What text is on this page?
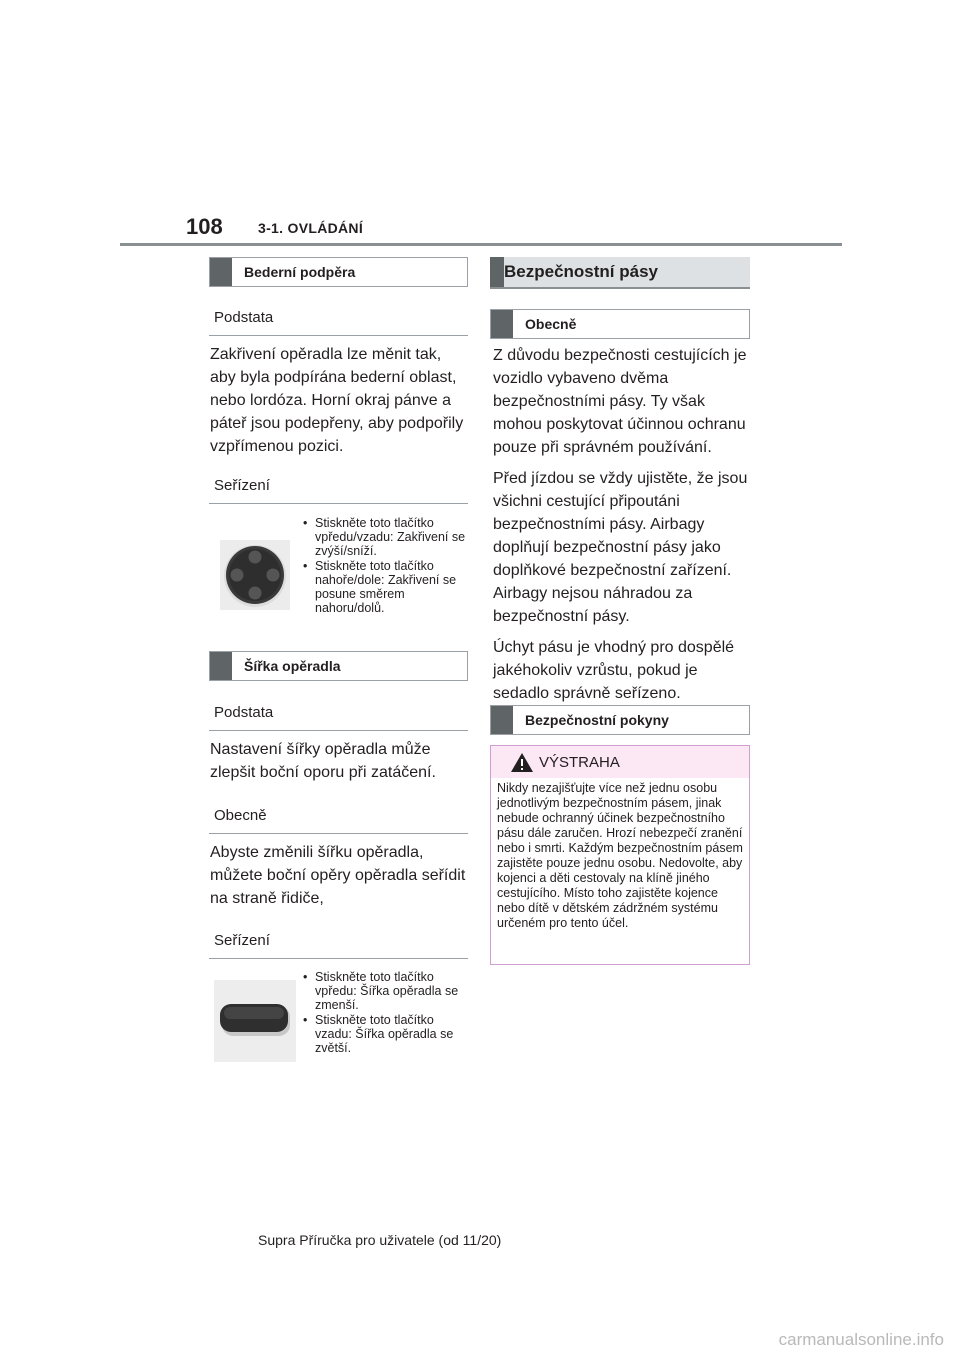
108	3-1. OVLÁDÁNÍ
Bederní podpěra
Podstata

Zakřivení opěradla lze měnit tak, aby byla podpírána bederní oblast, nebo lordóza. Horní okraj pánve a páteř jsou podepřeny, aby podpořily vzpřímenou pozici.

Seřízení
• Stiskněte toto tlačítko vpředu/vzadu: Zakřivení se zvýší/sníží.
• Stiskněte toto tlačítko nahoře/dole: Zakřivení se posune směrem nahoru/dolů.
Šířka opěradla
Podstata

Nastavení šířky opěradla může zlepšit boční oporu při zatáčení.

Obecně

Abyste změnili šířku opěradla, můžete boční opěry opěradla seřídit na straně řidiče,

Seřízení
• Stiskněte toto tlačítko vpředu: Šířka opěradla se zmenší.
• Stiskněte toto tlačítko vzadu: Šířka opěradla se zvětší.
Bezpečnostní pásy
Obecně

Z důvodu bezpečnosti cestujících je vozidlo vybaveno dvěma bezpečnostními pásy. Ty však mohou poskytovat účinnou ochranu pouze při správném používání.

Před jízdou se vždy ujistěte, že jsou všichni cestující připoutáni bezpečnostními pásy. Airbagy doplňují bezpečnostní pásy jako doplňkové bezpečnostní zařízení. Airbagy nejsou náhradou za bezpečnostní pásy.

Úchyt pásu je vhodný pro dospělé jakéhokoliv vzrůstu, pokud je sedadlo správně seřízeno.

Bezpečnostní pokyny
VÝSTRAHA
Nikdy nezajišťujte více než jednu osobu jednotlivým bezpečnostním pásem, jinak nebude ochranný účinek bezpečnostního pásu dále zaručen. Hrozí nebezpečí zranění nebo i smrti. Každým bezpečnostním pásem zajistěte pouze jednu osobu. Nedovolte, aby kojenci a děti cestovaly na klíně jiného cestujícího. Místo toho zajistěte kojence nebo dítě v dětském zádržném systému určeném pro tento účel.
Supra Příručka pro uživatele (od 11/20)
carmanualsonline.info
